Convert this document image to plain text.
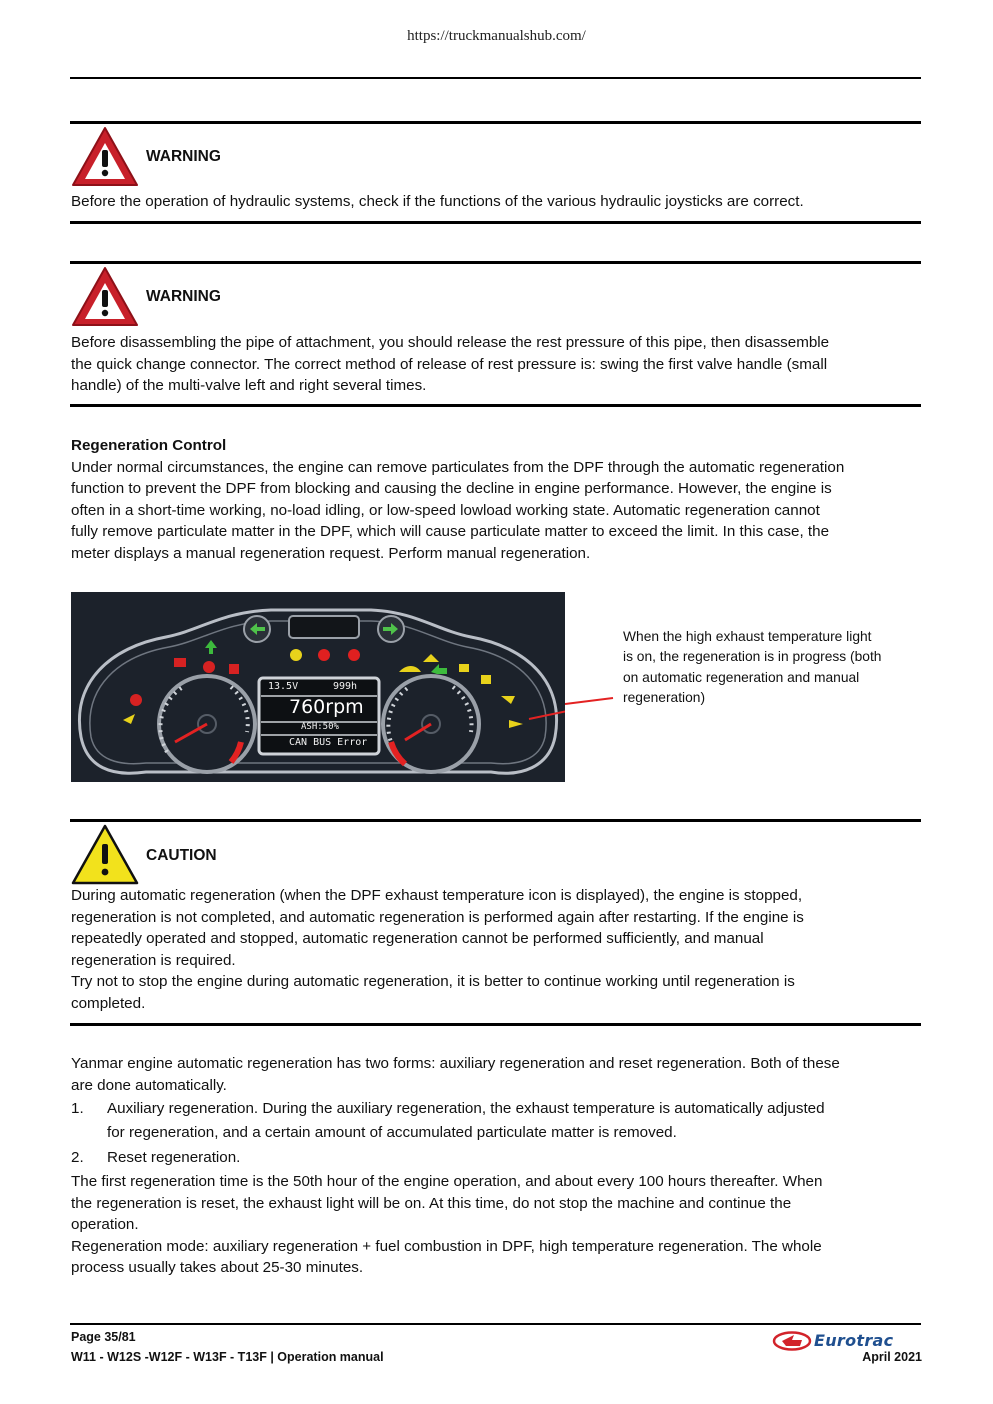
https://truckmanualshub.com/
WARNING
Before the operation of hydraulic systems, check if the functions of the various hydraulic joysticks are correct.
WARNING
Before disassembling the pipe of attachment, you should release the rest pressure of this pipe, then disassemble
the quick change connector. The correct method of release of rest pressure is: swing the first valve handle (small
handle) of the multi-valve left and right several times.
Regeneration Control
Under normal circumstances, the engine can remove particulates from the DPF through the automatic regeneration
function to prevent the DPF from blocking and causing the decline in engine performance. However, the engine is
often in a short-time working, no-load idling, or low-speed lowload working state. Automatic regeneration cannot
fully remove particulate matter in the DPF, which will cause particulate matter to exceed the limit. In this case, the
meter displays a manual regeneration request. Perform manual regeneration.
13.5V	999h
760rpm
ASH:50%
CAN BUS Error
When the high exhaust temperature light
is on, the regeneration is in progress (both
on automatic regeneration and manual
regeneration)
CAUTION
During automatic regeneration (when the DPF exhaust temperature icon is displayed), the engine is stopped,
regeneration is not completed, and automatic regeneration is performed again after restarting. If the engine is
repeatedly operated and stopped, automatic regeneration cannot be performed sufficiently, and manual
regeneration is required.
Try not to stop the engine during automatic regeneration, it is better to continue working until regeneration is
completed.
Yanmar engine automatic regeneration has two forms: auxiliary regeneration and reset regeneration. Both of these
are done automatically.
1. Auxiliary regeneration. During the auxiliary regeneration, the exhaust temperature is automatically adjusted
for regeneration, and a certain amount of accumulated particulate matter is removed.
2. Reset regeneration.
The first regeneration time is the 50th hour of the engine operation, and about every 100 hours thereafter. When
the regeneration is reset, the exhaust light will be on. At this time, do not stop the machine and continue the
operation.
Regeneration mode: auxiliary regeneration + fuel combustion in DPF, high temperature regeneration. The whole
process usually takes about 25-30 minutes.
Page 35/81
W11 - W12S -W12F - W13F - T13F | Operation manual
Eurotrac
April 2021
